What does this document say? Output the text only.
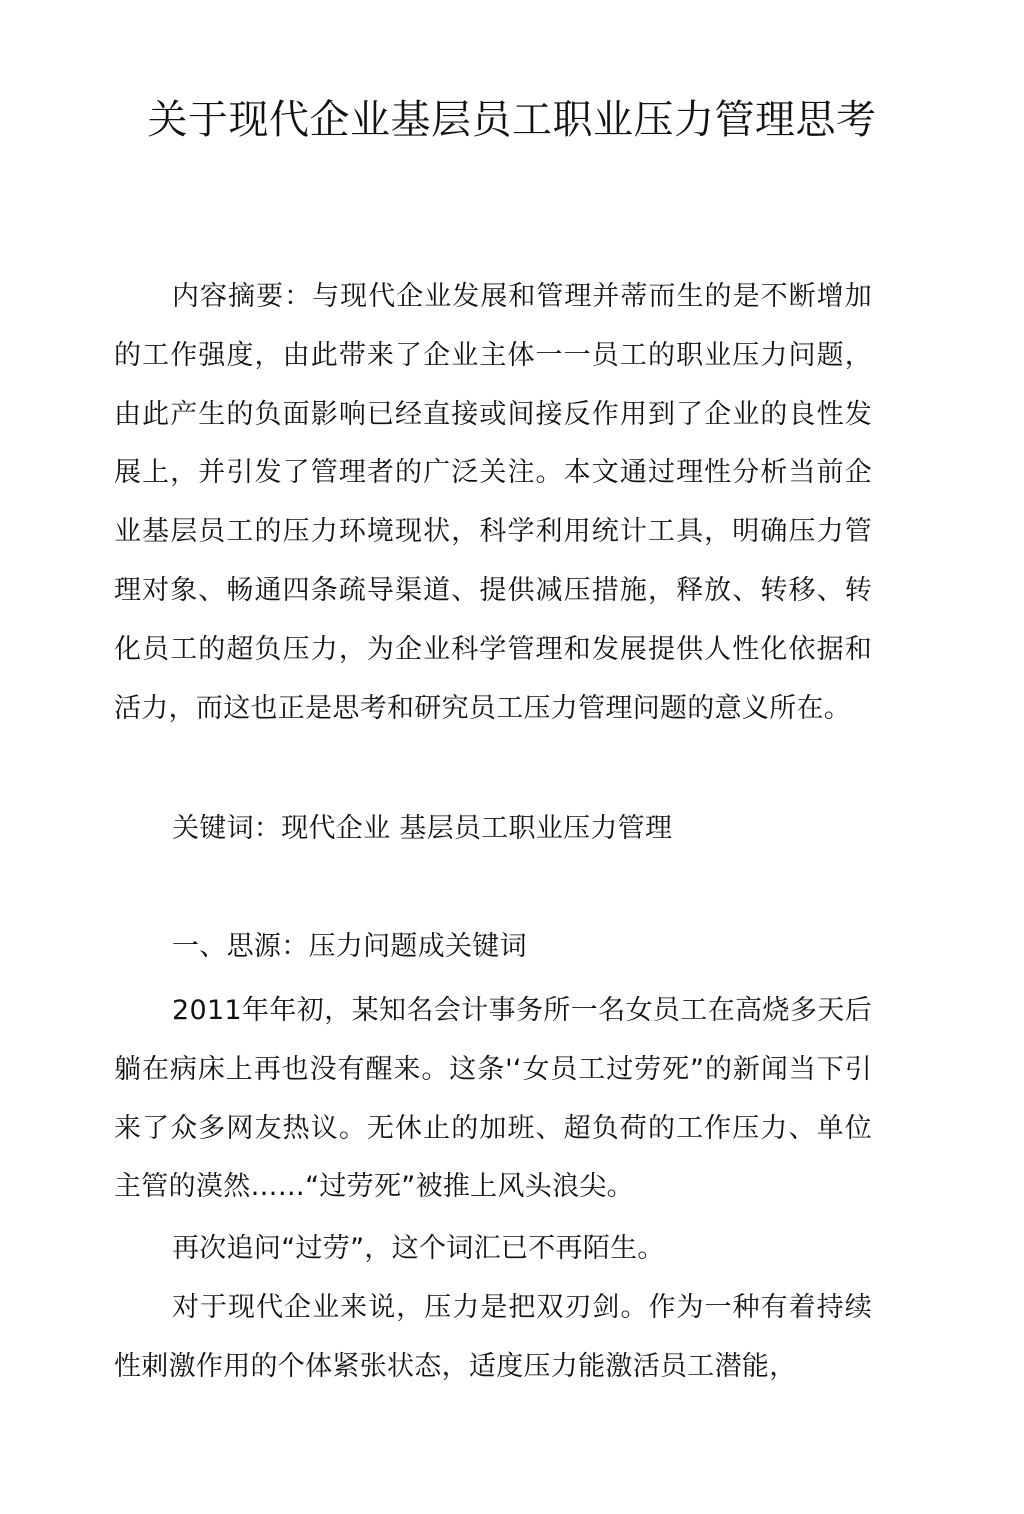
关于现代企业基层员工职业压力管理思考

内容摘要：与现代企业发展和管理并蒂而生的是不断增加的工作强度，由此带来了企业主体一一员工的职业压力问题，由此产生的负面影响已经直接或间接反作用到了企业的良性发展上，并引发了管理者的广泛关注。本文通过理性分析当前企业基层员工的压力环境现状，科学利用统计工具，明确压力管理对象、畅通四条疏导渠道、提供减压措施，释放、转移、转化员工的超负压力，为企业科学管理和发展提供人性化依据和活力，而这也正是思考和研究员工压力管理问题的意义所在。

关键词：现代企业 基层员工职业压力管理

一、思源：压力问题成关键词

2011年年初，某知名会计事务所一名女员工在高烧多天后躺在病床上再也没有醒来。这条'‘女员工过劳死”的新闻当下引来了众多网友热议。无休止的加班、超负荷的工作压力、单位主管的漠然……“过劳死”被推上风头浪尖。

再次追问“过劳”，这个词汇已不再陌生。

对于现代企业来说，压力是把双刃剑。作为一种有着持续性刺激作用的个体紧张状态，适度压力能激活员工潜能，
